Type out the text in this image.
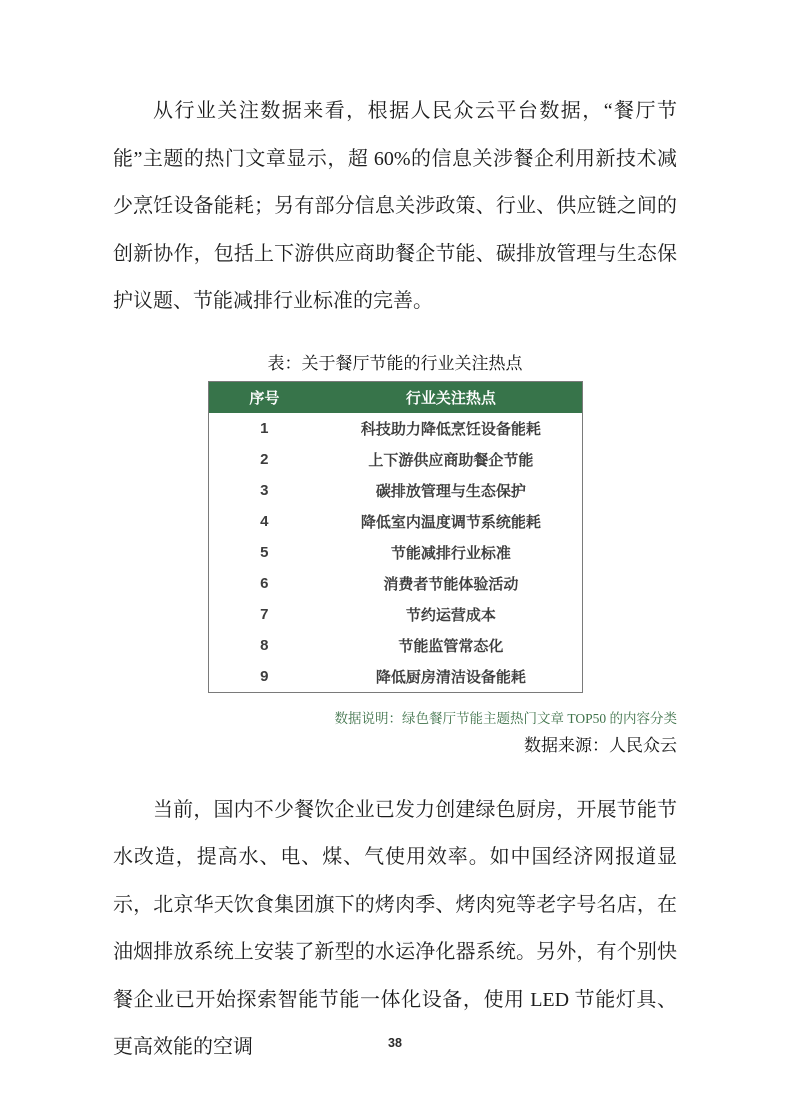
从行业关注数据来看，根据人民众云平台数据，“餐厅节能”主题的热门文章显示，超 60%的信息关涉餐企利用新技术减少烹饪设备能耗；另有部分信息关涉政策、行业、供应链之间的创新协作，包括上下游供应商助餐企节能、碳排放管理与生态保护议题、节能减排行业标准的完善。

表：关于餐厅节能的行业关注热点
序号	行业关注热点
1	科技助力降低烹饪设备能耗
2	上下游供应商助餐企节能
3	碳排放管理与生态保护
4	降低室内温度调节系统能耗
5	节能减排行业标准
6	消费者节能体验活动
7	节约运营成本
8	节能监管常态化
9	降低厨房清洁设备能耗
数据说明：绿色餐厅节能主题热门文章 TOP50 的内容分类
数据来源：人民众云

当前，国内不少餐饮企业已发力创建绿色厨房，开展节能节水改造，提高水、电、煤、气使用效率。如中国经济网报道显示，北京华天饮食集团旗下的烤肉季、烤肉宛等老字号名店，在油烟排放系统上安装了新型的水运净化器系统。另外，有个别快餐企业已开始探索智能节能一体化设备，使用 LED 节能灯具、更高效能的空调	38
